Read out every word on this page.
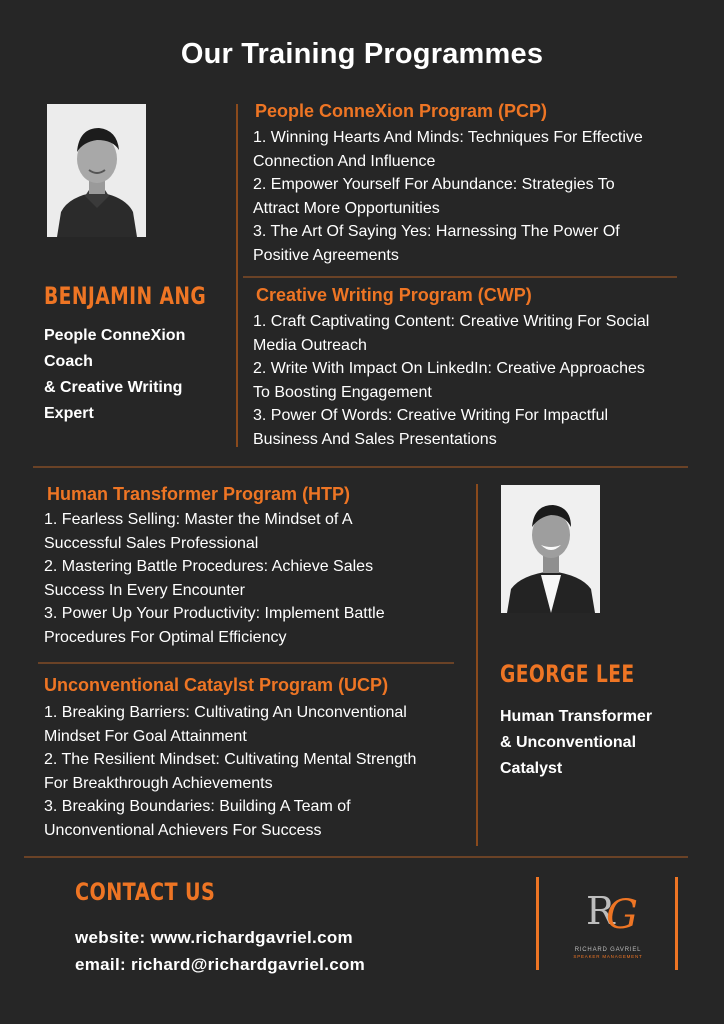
Our Training Programmes
BENJAMIN ANG
People ConneXion
Coach
& Creative Writing
Expert
People ConneXion Program (PCP)
1. Winning Hearts And Minds: Techniques For Effective
Connection And Influence
2. Empower Yourself For Abundance: Strategies To
Attract More Opportunities
3. The Art Of Saying Yes: Harnessing The Power Of
Positive Agreements
Creative Writing Program (CWP)
1. Craft Captivating Content: Creative Writing For Social
Media Outreach
2. Write With Impact On LinkedIn: Creative Approaches
To Boosting Engagement
3. Power Of Words: Creative Writing For Impactful
Business And Sales Presentations
Human Transformer Program (HTP)
1. Fearless Selling: Master the Mindset of A
Successful Sales Professional
2. Mastering Battle Procedures: Achieve Sales
Success In Every Encounter
3. Power Up Your Productivity: Implement Battle
Procedures For Optimal Efficiency
Unconventional Cataylst Program (UCP)
1. Breaking Barriers: Cultivating An Unconventional
Mindset For Goal Attainment
2. The Resilient Mindset: Cultivating Mental Strength
For Breakthrough Achievements
3. Breaking Boundaries: Building A Team of
Unconventional Achievers For Success
GEORGE LEE
Human Transformer
& Unconventional
Catalyst
CONTACT US
website: www.richardgavriel.com
email: richard@richardgavriel.com
R
G
RICHARD GAVRIEL
SPEAKER MANAGEMENT
